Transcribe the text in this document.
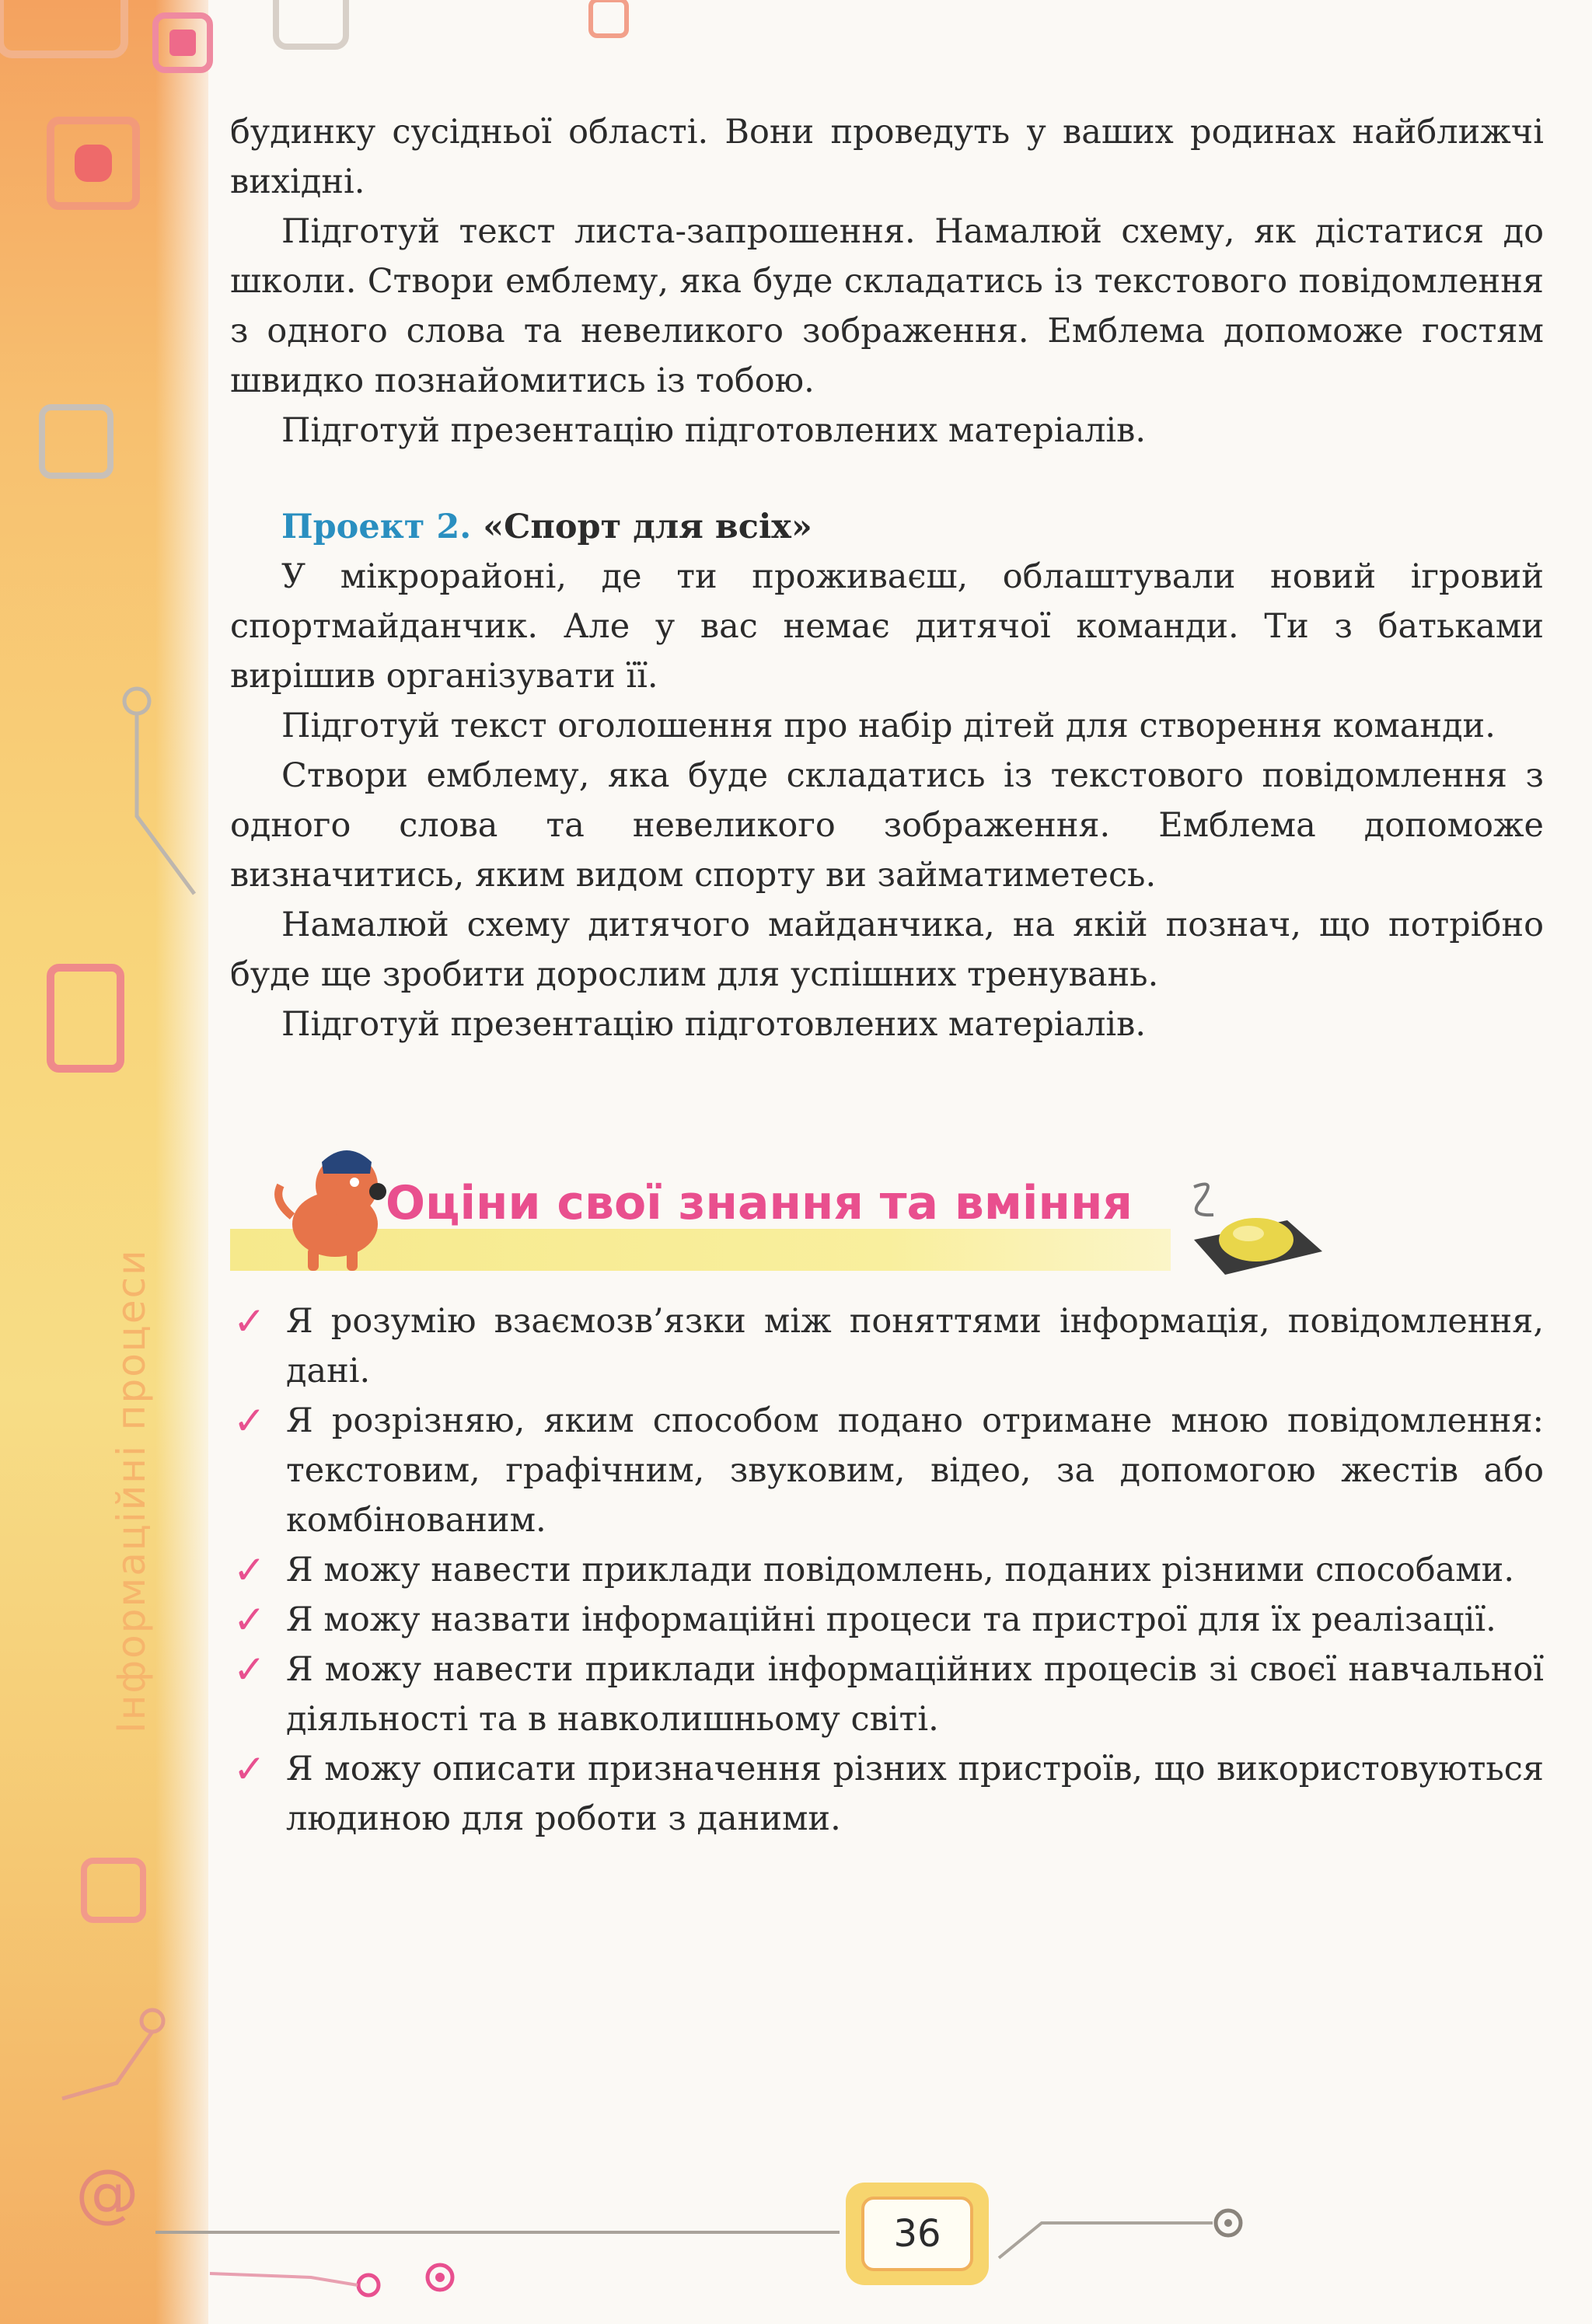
Інформаційні процеси
@

будинку сусідньої області. Вони проведуть у ваших родинах найближчі вихідні.

Підготуй текст листа-запрошення. Намалюй схему, як дістатися до школи. Створи емблему, яка буде складатись із текстового повідомлення з одного слова та невеликого зображення. Емблема допоможе гостям швидко познайомитись із тобою.

Підготуй презентацію підготовлених матеріалів.

Проект 2. «Спорт для всіх»

У мікрорайоні, де ти проживаєш, облаштували новий ігровий спортмайданчик. Але у вас немає дитячої команди. Ти з батьками вирішив організувати її.

Підготуй текст оголошення про набір дітей для створення команди.

Створи емблему, яка буде складатись із текстового повідомлення з одного слова та невеликого зображення. Емблема допоможе визначитись, яким видом спорту ви займатиметесь.

Намалюй схему дитячого майданчика, на якій познач, що потрібно буде ще зробити дорослим для успішних тренувань.

Підготуй презентацію підготовлених матеріалів.

Оціни свої знання та вміння
✓ Я розумію взаємозв’язки між поняттями інформація, повідомлення, дані.
✓ Я розрізняю, яким способом подано отримане мною повідомлення: текстовим, графічним, звуковим, відео, за допомогою жестів або комбінованим.
✓ Я можу навести приклади повідомлень, поданих різними способами.
✓ Я можу назвати інформаційні процеси та пристрої для їх реалізації.
✓ Я можу навести приклади інформаційних процесів зі своєї навчальної діяльності та в навколишньому світі.
✓ Я можу описати призначення різних пристроїв, що використовуються людиною для роботи з даними.
36
